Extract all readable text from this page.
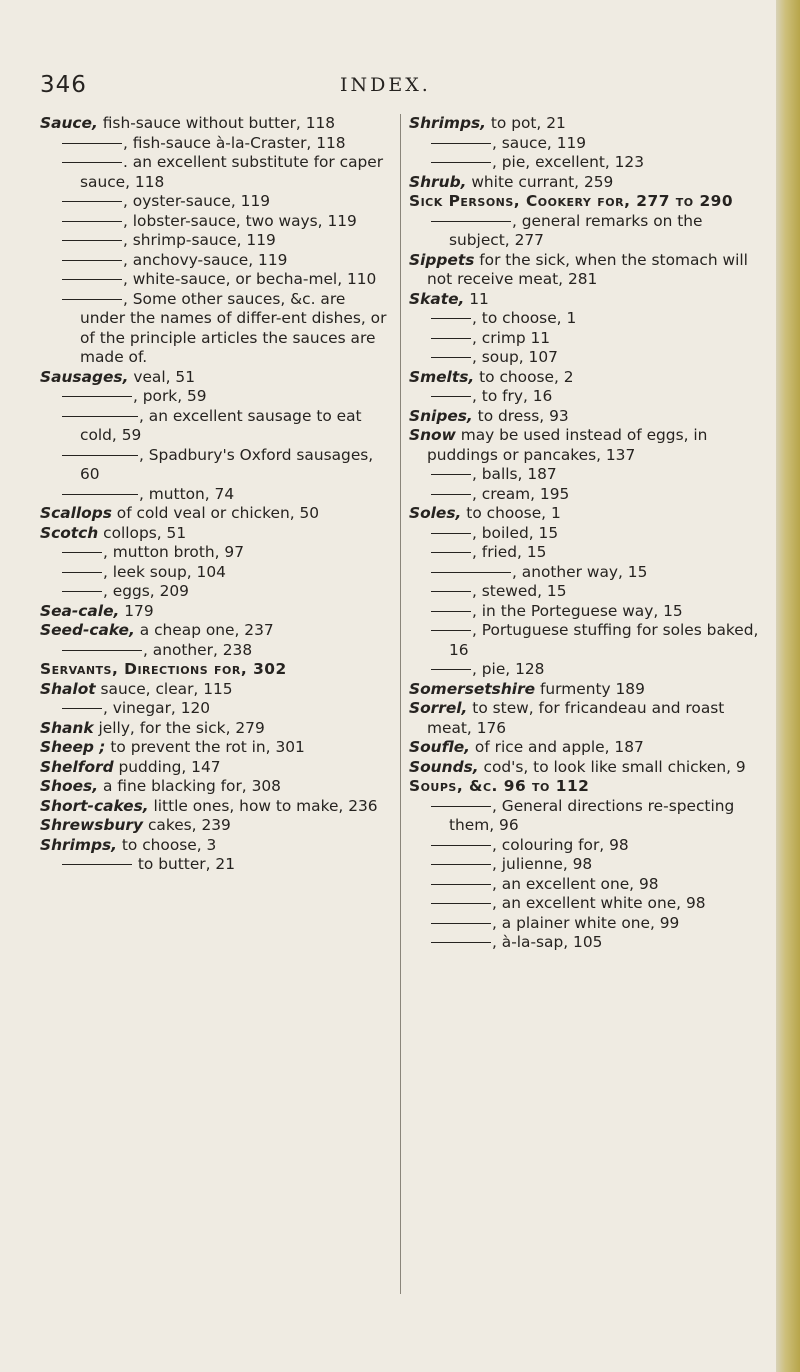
346	INDEX.

Sauce, fish-sauce without butter, 118

, fish-sauce à-la-Craster, 118

. an excellent substitute for caper sauce, 118

, oyster-sauce, 119

, lobster-sauce, two ways, 119

, shrimp-sauce, 119

, anchovy-sauce, 119

, white-sauce, or becha-mel, 110

, Some other sauces, &c. are under the names of differ-ent dishes, or of the principle articles the sauces are made of.

Sausages, veal, 51

, pork, 59

, an excellent sausage to eat cold, 59

, Spadbury's Oxford sausages, 60

, mutton, 74

Scallops of cold veal or chicken, 50

Scotch collops, 51

, mutton broth, 97

, leek soup, 104

, eggs, 209

Sea-cale, 179

Seed-cake, a cheap one, 237

, another, 238

Servants, Directions for, 302

Shalot sauce, clear, 115

, vinegar, 120

Shank jelly, for the sick, 279

Sheep ; to prevent the rot in, 301

Shelford pudding, 147

Shoes, a fine blacking for, 308

Short-cakes, little ones, how to make, 236

Shrewsbury cakes, 239

Shrimps, to choose, 3

to butter, 21

Shrimps, to pot, 21

, sauce, 119

, pie, excellent, 123

Shrub, white currant, 259

Sick Persons, Cookery for, 277 to 290

, general remarks on the subject, 277

Sippets for the sick, when the stomach will not receive meat, 281

Skate, 11

, to choose, 1

, crimp 11

, soup, 107

Smelts, to choose, 2

, to fry, 16

Snipes, to dress, 93

Snow may be used instead of eggs, in puddings or pancakes, 137

, balls, 187

, cream, 195

Soles, to choose, 1

, boiled, 15

, fried, 15

, another way, 15

, stewed, 15

, in the Porteguese way, 15

, Portuguese stuffing for soles baked, 16

, pie, 128

Somersetshire furmenty 189

Sorrel, to stew, for fricandeau and roast meat, 176

Soufle, of rice and apple, 187

Sounds, cod's, to look like small chicken, 9

Soups, &c. 96 to 112

, General directions re-specting them, 96

, colouring for, 98

, julienne, 98

, an excellent one, 98

, an excellent white one, 98

, a plainer white one, 99

, à-la-sap, 105
